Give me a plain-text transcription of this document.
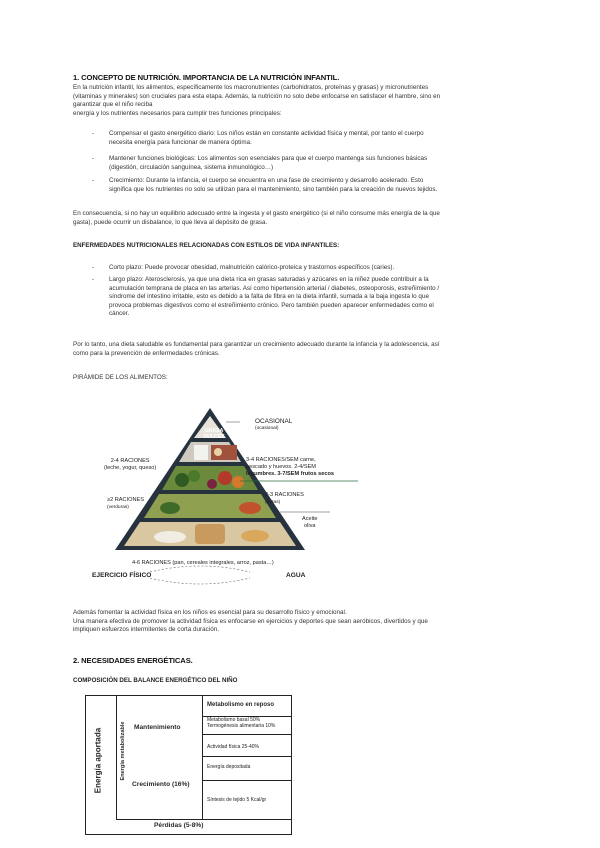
1. CONCEPTO DE NUTRICIÓN. IMPORTANCIA DE LA NUTRICIÓN INFANTIL.
En la nutrición infantil, los alimentos, específicamente los macronutrientes (carbohidratos, proteínas y grasas) y micronutrientes
(vitaminas y minerales) son cruciales para esta etapa. Además, la nutrición no solo debe enfocarse en satisfacer el hambre, sino en
garantizar que el niño reciba
energía y los nutrientes necesarios para cumplir tres funciones principales:
- Compensar el gasto energético diario: Los niños están en constante actividad física y mental, por tanto el cuerpo
necesita energía para funcionar de manera óptima.
- Mantener funciones biológicas: Los alimentos son esenciales para que el cuerpo mantenga sus funciones básicas
(digestión, circulación sanguínea, sistema inmunológico…)
- Crecimiento: Durante la infancia, el cuerpo se encuentra en una fase de crecimiento y desarrollo acelerado. Esto
significa que los nutrientes no solo se utilizan para el mantenimiento, sino también para la creación de nuevos tejidos.
En consecuencia, si no hay un equilibrio adecuado entre la ingesta y el gasto energético (si el niño consume más energía de la que
gasta), puede ocurrir un disbalance, lo que lleva al depósito de grasa.
ENFERMEDADES NUTRICIONALES RELACIONADAS CON ESTILOS DE VIDA INFANTILES:
- Corto plazo: Puede provocar obesidad, malnutrición calórico-proteica y trastornos específicos (caries).
- Largo plazo: Aterosclerosis, ya que una dieta rica en grasas saturadas y azúcares en la niñez puede contribuir a la
acumulación temprana de placa en las arterias. Así como hipertensión arterial / diabetes, osteoporosis, estreñimiento /
síndrome del intestino irritable, esto es debido a la falta de fibra en la dieta infantil, sumada a la baja ingesta lo que
provoca problemas digestivos como el estreñimiento crónico. Pero también pueden aparecer enfermedades como el
cáncer.
Por lo tanto, una dieta saludable es fundamental para garantizar un crecimiento adecuado durante la infancia y la adolescencia, así
como para la prevención de enfermedades crónicas.
PIRÁMIDE DE LOS ALIMENTOS:
GRASA DULCES
OCASIONAL
(ocasional)
3-4 RACIONES/SEM carne,
pescado y huevos. 2-4/SEM
legumbres. 3-7/SEM frutos secos
2-3 RACIONES
(frutas)
Aceite
oliva
2-4 RACIONES
(leche, yogur, queso)
≥2 RACIONES
(verduras)
4-6 RACIONES (pan, cereales integrales, arroz, pasta…)
EJERCICIO FÍSICO	AGUA
Además fomentar la actividad física en los niños es esencial para su desarrollo físico y emocional.
Una manera efectiva de promover la actividad física es enfocarse en ejercicios y deportes que sean aeróbicos, divertidos y que
impliquen esfuerzos intermitentes de corta duración.
2. NECESIDADES ENERGÉTICAS.
COMPOSICIÓN DEL BALANCE ENERGÉTICO DEL NIÑO
Energía aportada	Energía metabolizable
Metabolismo en reposo
Mantenimiento
Crecimiento (16%)
Pérdidas (5-8%)
Metabolismo basal 50%
Termogénesis alimentaria 10%
Actividad física 25-40%
Energía depositada
Síntesis de tejido 5 Kcal/gr
